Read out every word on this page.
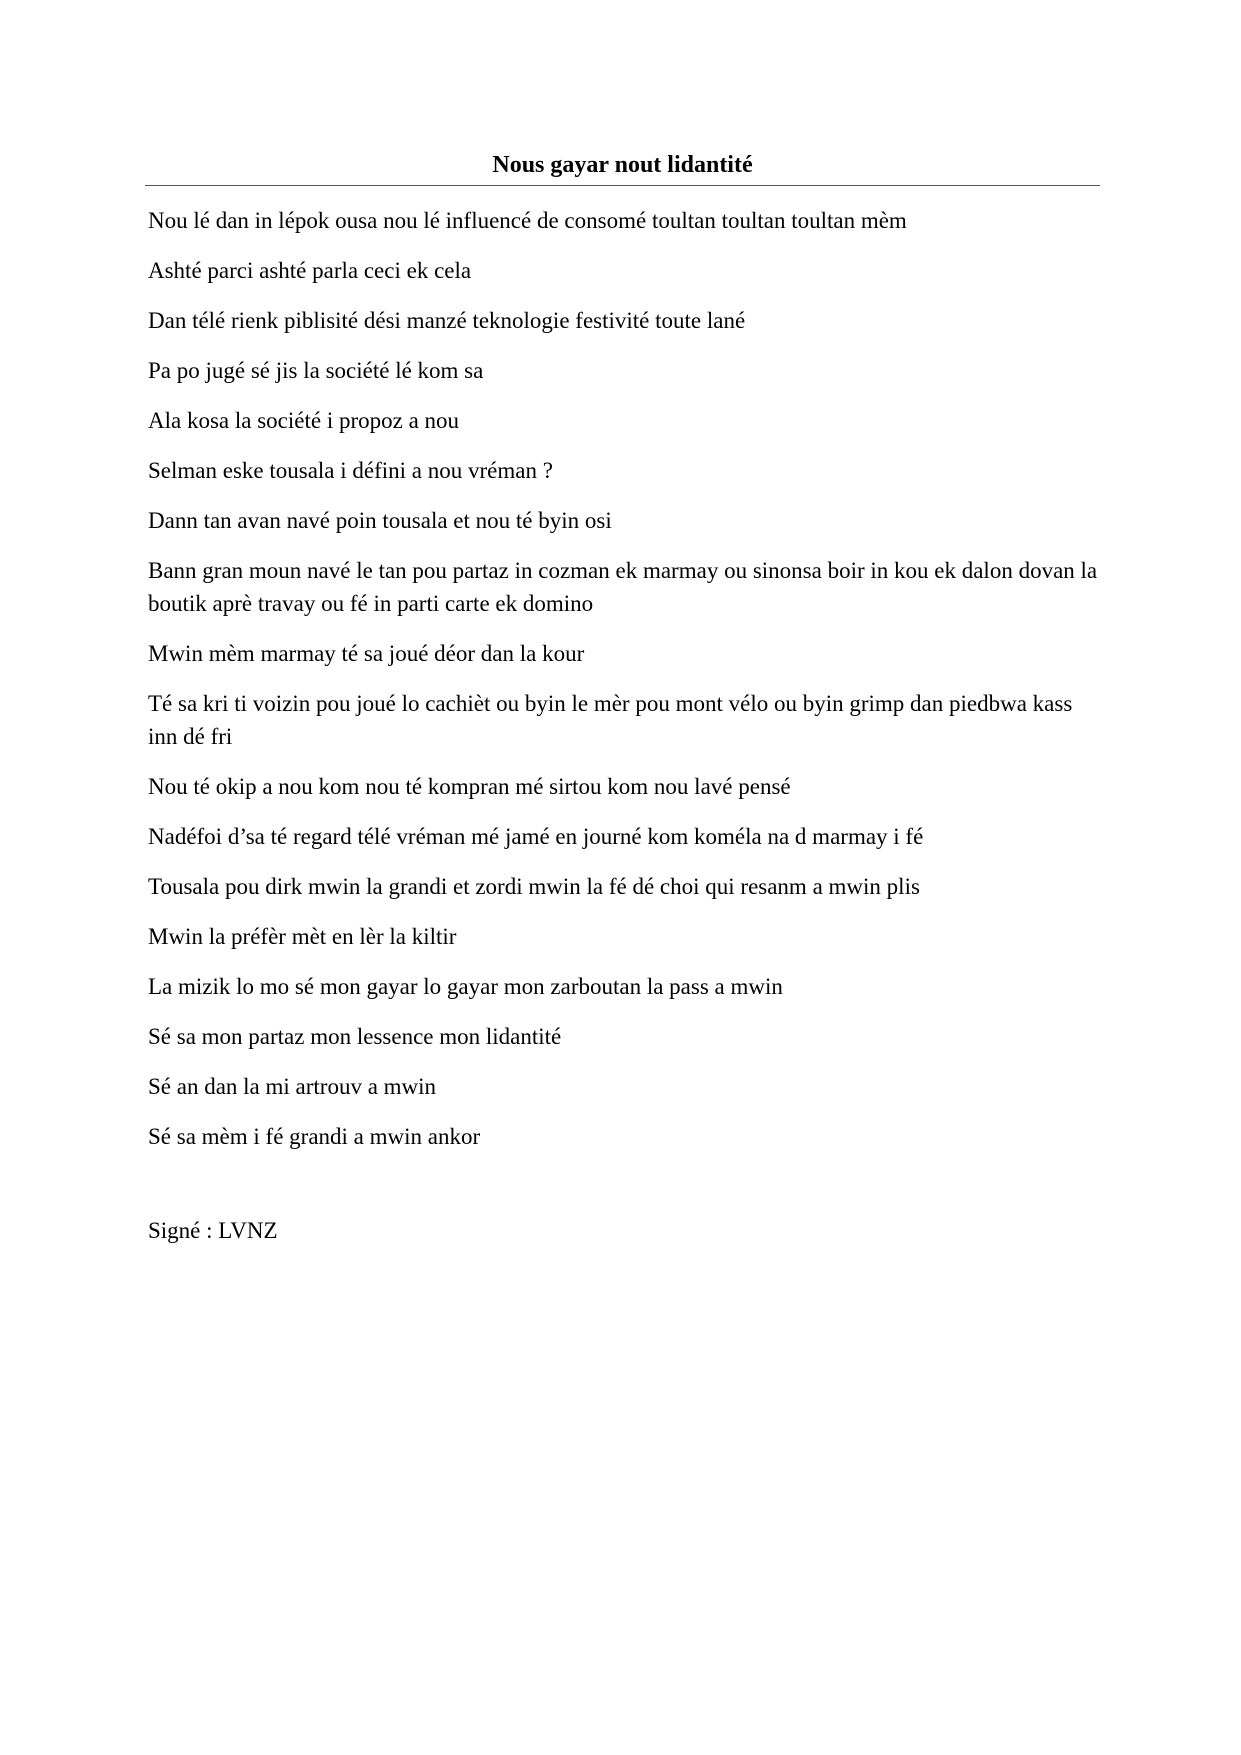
Nous gayar nout lidantité

Nou lé dan in lépok ousa nou lé influencé de consomé toultan toultan toultan mèm

Ashté parci ashté parla ceci ek cela

Dan télé rienk piblisité dési manzé teknologie festivité toute lané

Pa po jugé sé jis la société lé kom sa

Ala kosa la société i propoz a nou

Selman eske tousala i défini a nou vréman ?

Dann tan avan navé poin tousala et nou té byin osi

Bann gran moun navé le tan pou partaz in cozman ek marmay ou sinonsa boir in kou ek dalon dovan la boutik aprè travay ou fé in parti carte ek domino

Mwin mèm marmay té sa joué déor dan la kour

Té sa kri ti voizin pou joué lo cachièt ou byin le mèr pou mont vélo ou byin grimp dan piedbwa kass inn dé fri

Nou té okip a nou kom nou té kompran mé sirtou kom nou lavé pensé

Nadéfoi d’sa té regard télé vréman mé jamé en journé kom koméla na d marmay i fé

Tousala pou dirk mwin la grandi et zordi mwin la fé dé choi qui resanm a mwin plis

Mwin la préfèr mèt en lèr la kiltir

La mizik lo mo sé mon gayar lo gayar mon zarboutan la pass a mwin

Sé sa mon partaz mon lessence mon lidantité

Sé an dan la mi artrouv a mwin

Sé sa mèm i fé grandi a mwin ankor

Signé : LVNZ
